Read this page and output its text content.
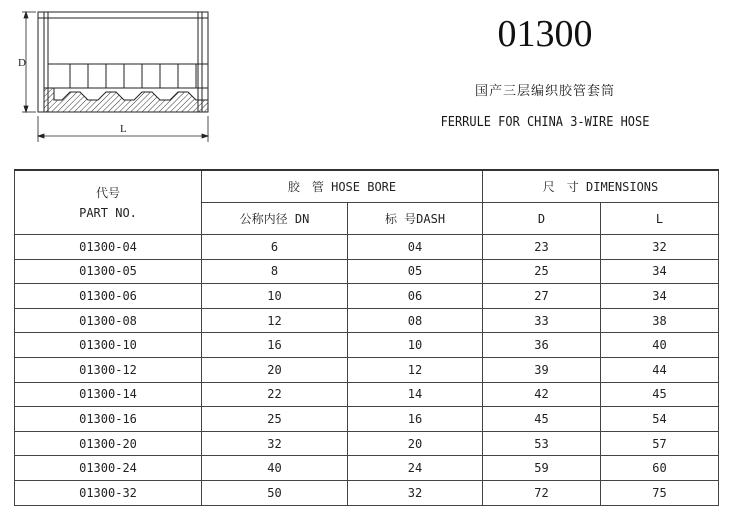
D
L
01300
国产三层编织胶管套筒
FERRULE FOR CHINA 3-WIRE HOSE
代号
PART NO.	胶　管 HOSE BORE		尺　寸 DIMENSIONS	
	公称内径 DN	标 号DASH	D	L
01300-04	6	04	23	32
01300-05	8	05	25	34
01300-06	10	06	27	34
01300-08	12	08	33	38
01300-10	16	10	36	40
01300-12	20	12	39	44
01300-14	22	14	42	45
01300-16	25	16	45	54
01300-20	32	20	53	57
01300-24	40	24	59	60
01300-32	50	32	72	75
